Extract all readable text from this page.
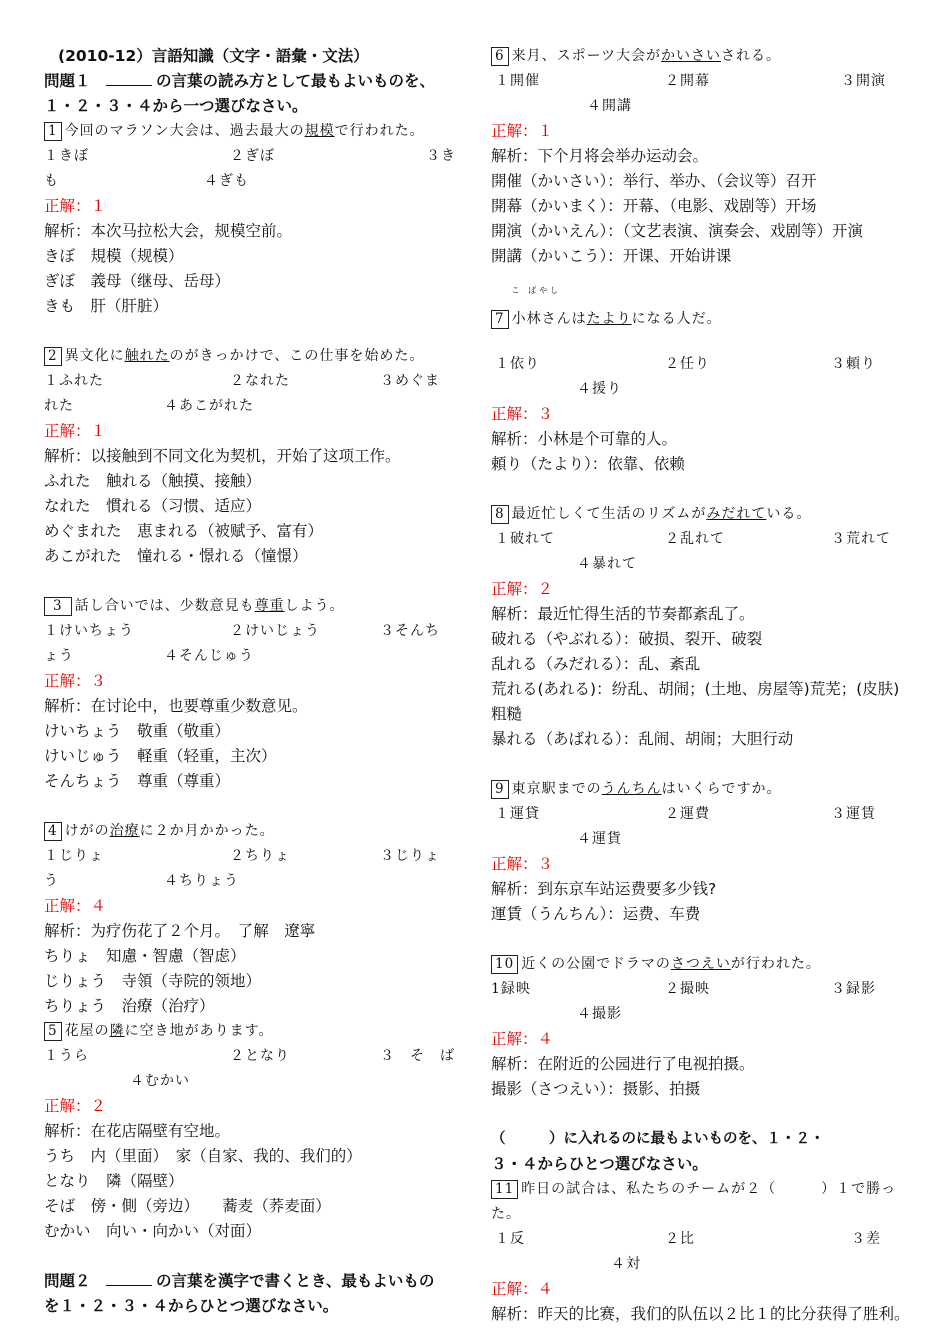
(2010-12）言語知識（文字・語彙・文法）
問題１　	の言葉の読み方として最もよいものを、
１・２・３・４から一つ選びなさい。
1 今回のマラソン大会は、過去最大の規模で行われた。
１きぼ	２ぎぼ	３き
も	４ぎも
正解：１
解析：本次马拉松大会，规模空前。
きぼ　規模（规模）
ぎぼ　義母（继母、岳母）
きも　肝（肝脏）
2 異文化に触れたのがきっかけで、この仕事を始めた。
１ふれた	２なれた	３めぐま
れた	４あこがれた
正解：１
解析：以接触到不同文化为契机，开始了这项工作。
ふれた　触れる（触摸、接触）
なれた　慣れる（习惯、适应）
めぐまれた　恵まれる（被赋予、富有）
あこがれた　憧れる・憬れる（憧憬）
3 話し合いでは、少数意見も尊重しよう。
１けいちょう	２けいじょう	３そんち
ょう	４そんじゅう
正解：３
解析：在讨论中，也要尊重少数意见。
けいちょう　敬重（敬重）
けいじゅう　軽重（轻重，主次）
そんちょう　尊重（尊重）
4 けがの治療に２か月かかった。
１じりょ	２ちりょ	３じりょ
う	４ちりょう
正解：４
解析：为疗伤花了２个月。　了解　遼寧
ちりょ　知慮・智慮（智虑）
じりょう　寺領（寺院的领地）
ちりょう　治療（治疗）
5 花屋の隣に空き地があります。
１うら	２となり	３　そ　ば
４むかい
正解：２
解析：在花店隔壁有空地。
うち　内（里面）　家（自家、我的、我们的）
となり　隣（隔壁）
そば　傍・側（旁边）　　蕎麦（荞麦面）
むかい　向い・向かい（对面）
問題２　	の言葉を漢字で書くとき、最もよいもの
を１・２・３・４からひとつ選びなさい。
6 来月、スポーツ大会がかいさいされる。
１開催	２開幕	３開演
４開講
正解：１
解析：下个月将会举办运动会。
開催（かいさい）：举行、举办、（会议等）召开
開幕（かいまく）：开幕、（电影、戏剧等）开场
開演（かいえん）：（文艺表演、演奏会、戏剧等）开演
開講（かいこう）：开课、开始讲课
7 小林
こ ばやし
さんはたよりになる人だ。
１依り	２任り	３頼り
４援り
正解：３
解析：小林是个可靠的人。
頼り（たより）：依靠、依赖
8 最近忙しくて生活のリズムがみだれている。
１破れて	２乱れて	３荒れて
４暴れて
正解：２
解析：最近忙得生活的节奏都紊乱了。
破れる（やぶれる）：破损、裂开、破裂
乱れる（みだれる）：乱、紊乱
荒れる(あれる)：纷乱、胡闹；(土地、房屋等)荒芜；(皮肤)
粗糙
暴れる（あばれる）：乱闹、胡闹；大胆行动
9 東京駅までのうんちんはいくらですか。
１運貸	２運費	３運賃
４運貨
正解：３
解析：到东京车站运费要多少钱?
運賃（うんちん）：运费、车费
10 近くの公園でドラマのさつえいが行われた。
1録映	２撮映	３録影
４撮影
正解：４
解析：在附近的公园进行了电视拍摄。
撮影（さつえい）：摄影、拍摄
（　　　）に入れるのに最もよいものを、１・２・
３・４からひとつ選びなさい。
11 昨日の試合は、私たちのチームが２（　　　）１で勝っ
た。
１反	２比	３差
４対
正解：４
解析：昨天的比赛，我们的队伍以２比１的比分获得了胜利。
